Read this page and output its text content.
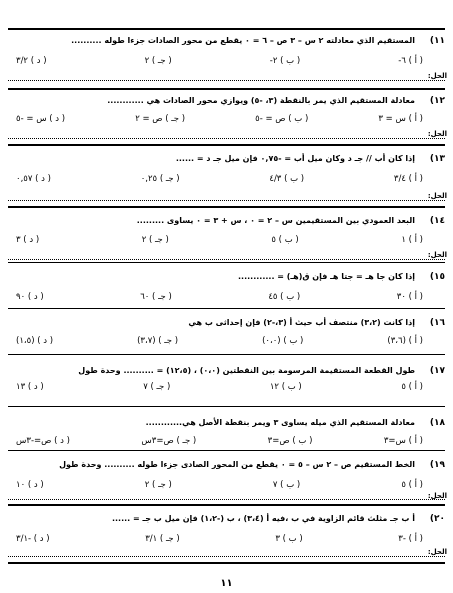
١١)
المستقيم الذي معادلته ٢ س – ٣ ص – ٦ = ٠ يقطع من محور الصادات جزءا طوله ..........
( أ ) ٦-
( ب ) ٢-
( جـ ) ٢
( د ) ٣/٢
الحل:
١٢)
معادلة المستقيم الذي يمر بالنقطة (٣، -٥) ويوازي محور الصادات هي ............
( أ ) س = ٣
( ب ) ص = -٥
( جـ ) ص = ٢
( د ) س = -٥
الحل:
١٣)
إذا كان أب // جـ د وكان ميل أب = -٠,٧٥ فإن ميل جـ د = ......
( أ ) ٣/٤
( ب ) ٤/٣
( جـ ) ٠,٢٥
( د ) ٠,٥٧
الحل:
١٤)
البعد العمودي بين المستقيمين س – ٢ = ٠ ، س + ٣ = ٠ يساوى .........
( أ ) ١
( ب ) ٥
( جـ ) ٢
( د ) ٣
الحل:
١٥)
إذا كان جا هـ = جتا هـ فإن ق(هـ) = ............
( أ ) ٣٠
( ب ) ٤٥
( جـ ) ٦٠
( د ) ٩٠
١٦)
إذا كانت (٣،٢) منتصف أب حيث أ (٣،-٢) فإن إحداثى ب هي
( أ ) (٣،٦)
( ب ) (٠،٠)
( جـ ) (٣،٧)
( د ) (١،٥)
١٧)
طول القطعة المستقيمة المرسومة بين النقطتين (٠،٠) ، (١٢،٥) = .......... وحدة طول
( أ ) ٥
( ب ) ١٢
( جـ ) ٧
( د ) ١٣
١٨)
معادلة المستقيم الذي ميله يساوى ٣ ويمر بنقطة الأصل هي............
( أ ) س=٣
( ب ) ص=٣
( جـ ) ص=٣س
( د ) ص=-٣س
١٩)
الخط المستقيم ص – ٢ س – ٥ = ٠ يقطع من المحور الصادى جزءا طوله .......... وحدة طول
( أ ) ٥
( ب ) ٧
( جـ ) ٢
( د ) ١٠
الحل:
٢٠)
أ ب جـ مثلث قائم الزاوية في ب ،فيه أ (٣،٤) ، ب (-١،٢) فإن ميل ب جـ = ......
( أ ) -٣
( ب ) ٣
( جـ ) ٣/١
( د ) -٣/١
الحل:
١١
